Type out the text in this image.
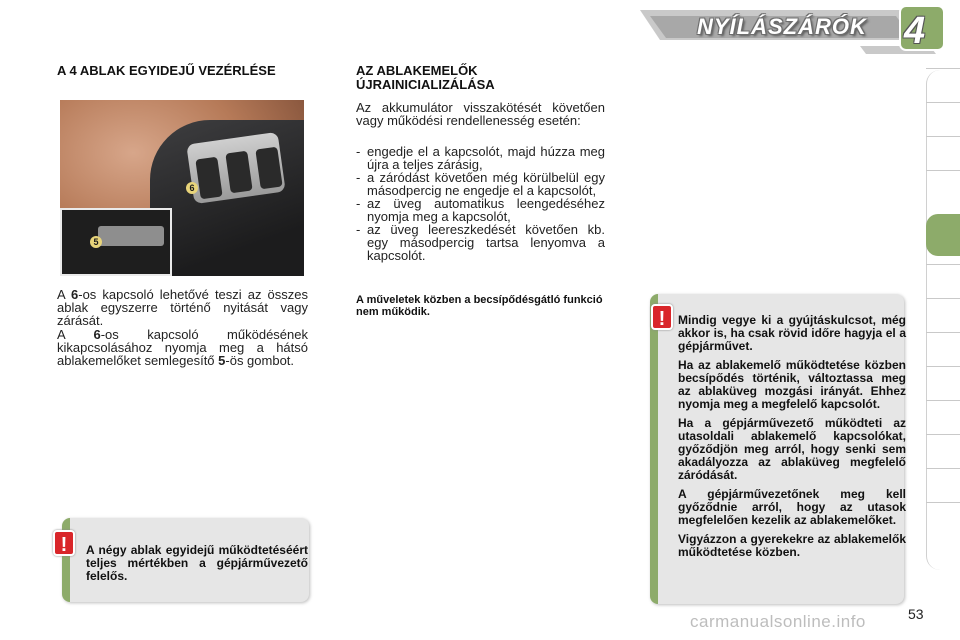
NYÍLÁSZÁRÓK 4
A 4 ABLAK EGYIDEJŰ VEZÉRLÉSE
6
5
A 6-os kapcsoló lehetővé teszi az összes ablak egyszerre történő nyitását vagy zárását.
A 6-os kapcsoló működésének kikapcsolásához nyomja meg a hátsó ablakemelőket semlegesítő 5-ös gombot.
A négy ablak egyidejű működtetéséért teljes mértékben a gépjárművezető felelős.
!
AZ ABLAKEMELŐK ÚJRAINICIALIZÁLÁSA
Az akkumulátor visszakötését követően vagy működési rendellenesség esetén:
- engedje el a kapcsolót, majd húzza meg újra a teljes zárásig,
- a záródást követően még körülbelül egy másodpercig ne engedje el a kapcsolót,
- az üveg automatikus leengedéséhez nyomja meg a kapcsolót,
- az üveg leereszkedését követően kb. egy másodpercig tartsa lenyomva a kapcsolót.
A műveletek közben a becsípődésgátló funkció nem működik.

Mindig vegye ki a gyújtáskulcsot, még akkor is, ha csak rövid időre hagyja el a gépjárművet.

Ha az ablakemelő működtetése közben becsípődés történik, változtassa meg az ablaküveg mozgási irányát. Ehhez nyomja meg a megfelelő kapcsolót.

Ha a gépjárművezető működteti az utasoldali ablakemelő kapcsolókat, győződjön meg arról, hogy senki sem akadályozza az ablaküveg megfelelő záródását.

A gépjárművezetőnek meg kell győződnie arról, hogy az utasok megfelelően kezelik az ablakemelőket.

Vigyázzon a gyerekekre az ablakemelők működtetése közben.

!
carmanualsonline.info	53
